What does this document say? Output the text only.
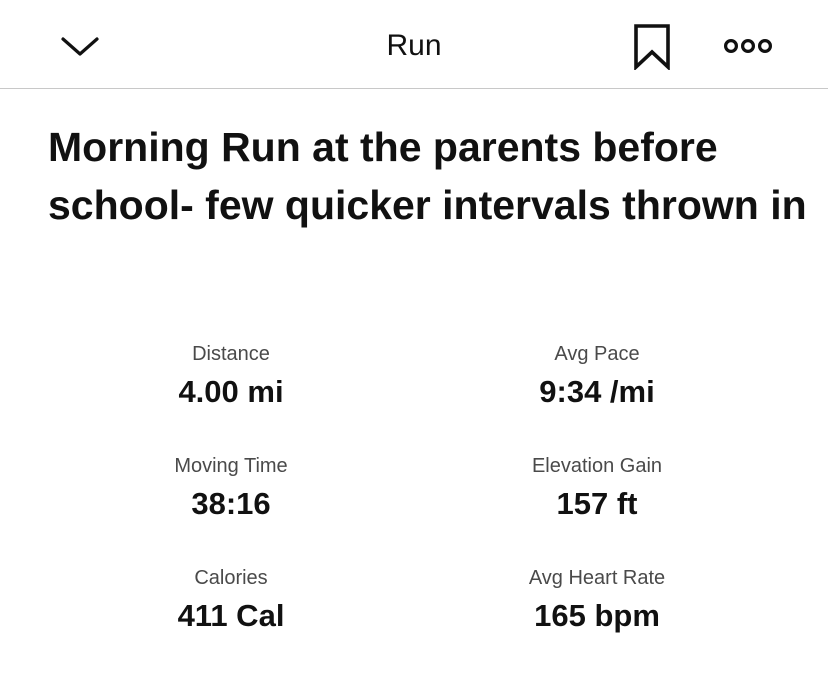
Run
Morning Run at the parents before school- few quicker intervals thrown in
Distance
4.00 mi
Avg Pace
9:34 /mi
Moving Time
38:16
Elevation Gain
157 ft
Calories
411 Cal
Avg Heart Rate
165 bpm
